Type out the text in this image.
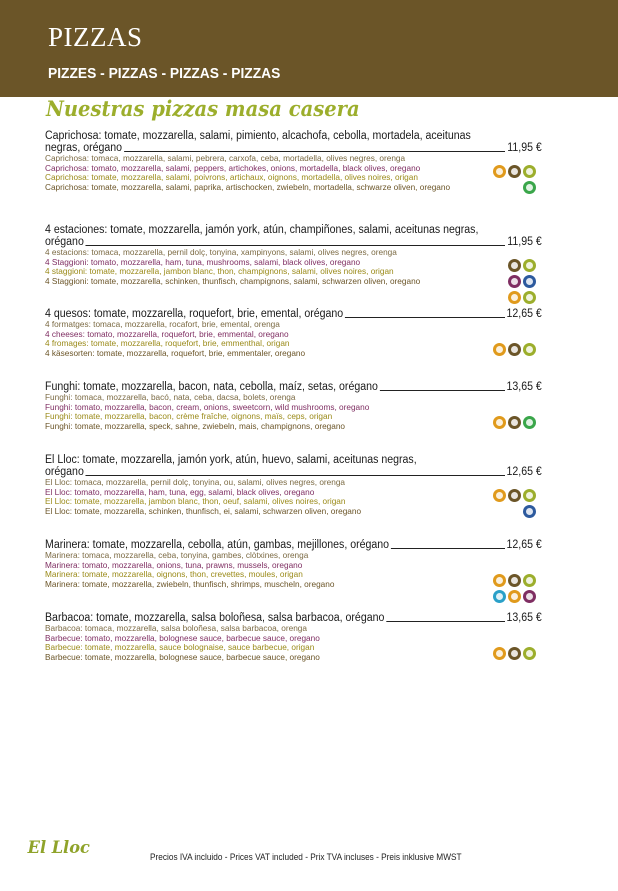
PIZZAS
PIZZES - PIZZAS - PIZZAS - PIZZAS
Nuestras pizzas masa casera
Caprichosa: tomate, mozzarella, salami, pimiento, alcachofa, cebolla, mortadela, aceitunas
negras, orégano	11,95 €
Caprichosa: tomaca, mozzarella, salami, pebrera, carxofa, ceba, mortadella, olives negres, orenga
Caprichosa: tomato, mozzarella, salami, peppers, artichokes, onions, mortadella, black olives, oregano
Caprichosa: tomate, mozzarella, salami, poivrons, artichaux, oignons, mortadella, olives noires, origan
Caprichosa: tomate, mozzarella, salami, paprika, artischocken, zwiebeln, mortadella, schwarze oliven, oregano
4 estaciones: tomate, mozzarella, jamón york, atún, champiñones, salami, aceitunas negras,
orégano	11,95 €
4 estacions: tomaca, mozzarella, pernil dolç, tonyina, xampinyons, salami, olives negres, orenga
4 Staggioni: tomato, mozzarella, ham, tuna, mushrooms, salami, black olives, oregano
4 staggioni: tomate, mozzarella, jambon blanc, thon, champignons, salami, olives noires, origan
4 Staggioni: tomate, mozzarella, schinken, thunfisch, champignons, salami, schwarzen oliven, oregano
4 quesos: tomate, mozzarella, roquefort, brie, emental, orégano	12,65 €
4 formatges: tomaca, mozzarella, rocafort, brie, emental, orenga
4 cheeses: tomato, mozzarella, roquefort, brie, emmental, oregano
4 fromages: tomate, mozzarella, roquefort, brie, emmenthal, origan
4 käsesorten: tomate, mozzarella, roquefort, brie, emmentaler, oregano
Funghi: tomate, mozzarella, bacon, nata, cebolla, maíz, setas, orégano	13,65 €
Funghi: tomaca, mozzarella, bacó, nata, ceba, dacsa, bolets, orenga
Funghi: tomato, mozzarella, bacon, cream, onions, sweetcorn, wild mushrooms, oregano
Funghi: tomate, mozzarella, bacon, crème fraîche, oignons, maïs, ceps, origan
Funghi: tomate, mozzarella, speck, sahne, zwiebeln, mais, champignons, oregano
El Lloc: tomate, mozzarella, jamón york, atún, huevo, salami, aceitunas negras,
orégano	12,65 €
El Lloc: tomaca, mozzarella, pernil dolç, tonyina, ou, salami, olives negres, orenga
El Lloc: tomato, mozzarella, ham, tuna, egg, salami, black olives, oregano
El Lloc: tomate, mozzarella, jambon blanc, thon, oeuf, salami, olives noires, origan
El Lloc: tomate, mozzarella, schinken, thunfisch, ei, salami, schwarzen oliven, oregano
Marinera: tomate, mozzarella, cebolla, atún, gambas, mejillones, orégano	12,65 €
Marinera: tomaca, mozzarella, ceba, tonyina, gambes, clòtxines, orenga
Marinera: tomato, mozzarella, onions, tuna, prawns, mussels, oregano
Marinera: tomate, mozzarella, oignons, thon, crevettes, moules, origan
Marinera: tomate, mozzarella, zwiebeln, thunfisch, shrimps, muscheln, oregano
Barbacoa: tomate, mozzarella, salsa boloñesa, salsa barbacoa, orégano	13,65 €
Barbacoa: tomaca, mozzarella, salsa boloñesa, salsa barbacoa, orenga
Barbecue: tomato, mozzarella, bolognese sauce, barbecue sauce, oregano
Barbecue: tomate, mozzarella, sauce bolognaise, sauce barbecue, origan
Barbecue: tomate, mozzarella, bolognese sauce, barbecue sauce, oregano
El Lloc	Precios IVA incluido - Prices VAT included - Prix TVA incluses - Preis inklusive MWST
